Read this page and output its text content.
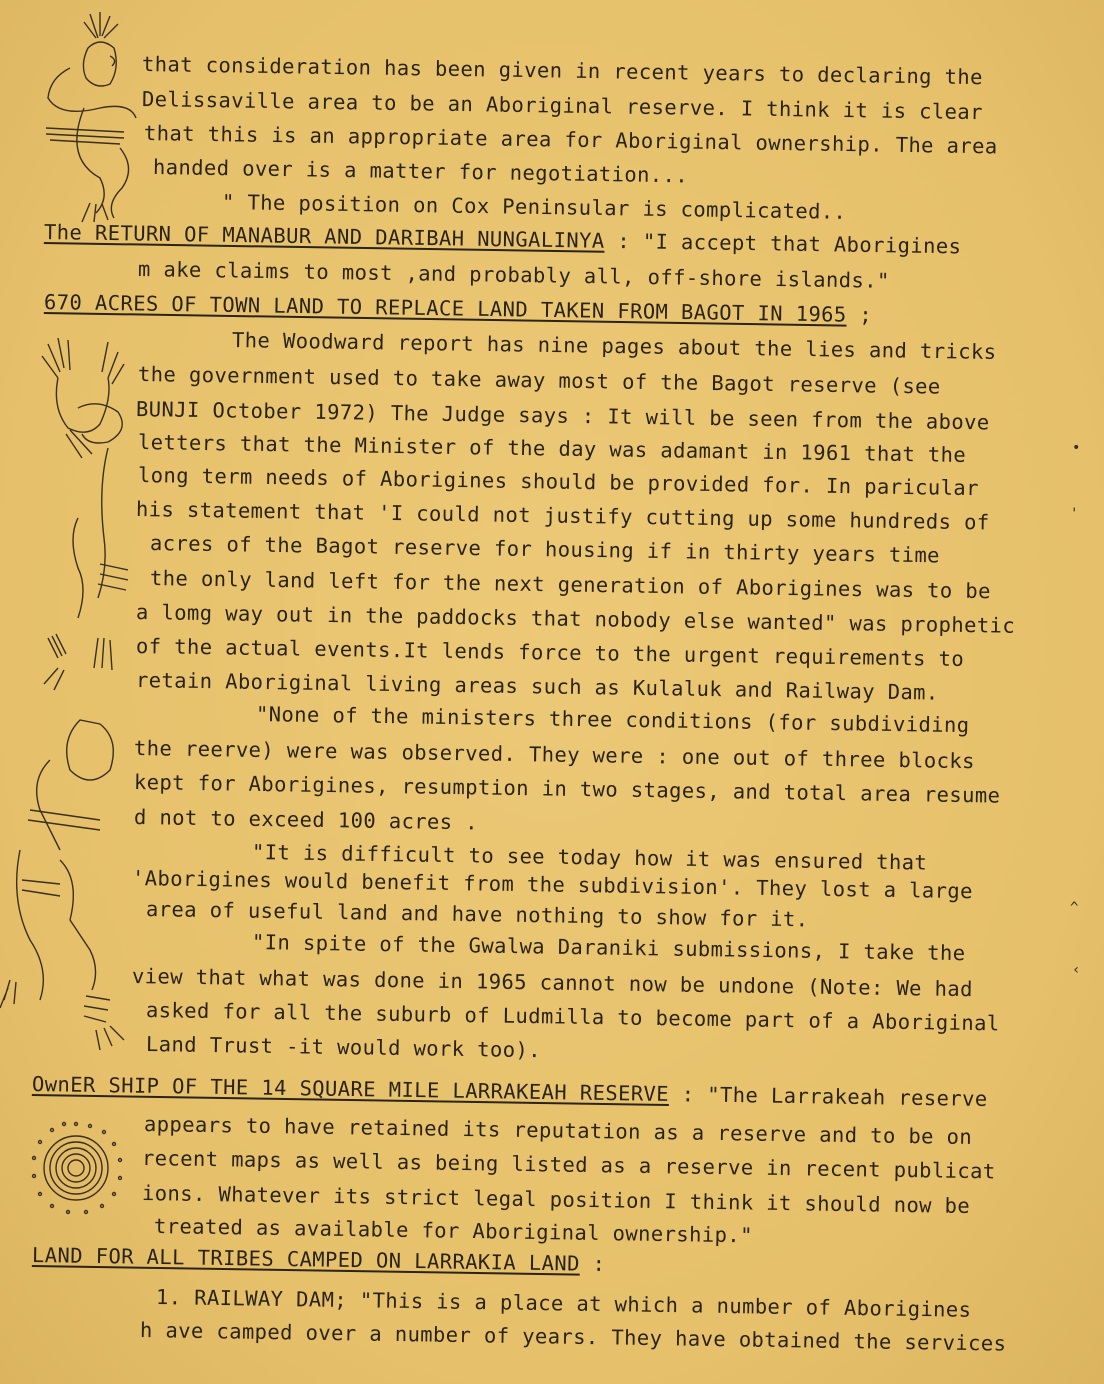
•
'
^
‹
that consideration has been given in recent years to declaring the
Delissaville area to be an Aboriginal reserve. I think it is clear
that this is an appropriate area for Aboriginal ownership. The area
handed over is a matter for negotiation...
" The position on Cox Peninsular is complicated..
The RETURN OF MANABUR AND DARIBAH NUNGALINYA : "I accept that Aborigines
m ake claims to most ,and probably all, off-shore islands."
670 ACRES OF TOWN LAND TO REPLACE LAND TAKEN FROM BAGOT IN 1965 ;
The Woodward report has nine pages about the lies and tricks
the government used to take away most of the Bagot reserve (see
BUNJI October 1972) The Judge says : It will be seen from the above
letters that the Minister of the day was adamant in 1961 that the
long term needs of Aborigines should be provided for. In paricular
his statement that 'I could not justify cutting up some hundreds of
acres of the Bagot reserve for housing if in thirty years time
the only land left for the next generation of Aborigines was to be
a lomg way out in the paddocks that nobody else wanted" was prophetic
of the actual events.It lends force to the urgent requirements to
retain Aboriginal living areas such as Kulaluk and Railway Dam.
"None of the ministers three conditions (for subdividing
the reerve) were was observed. They were : one out of three blocks
kept for Aborigines, resumption in two stages, and total area resume
d not to exceed 100 acres .
"It is difficult to see today how it was ensured that
'Aborigines would benefit from the subdivision'. They lost a large
area of useful land and have nothing to show for it.
"In spite of the Gwalwa Daraniki submissions, I take the
view that what was done in 1965 cannot now be undone (Note: We had
asked for all the suburb of Ludmilla to become part of a Aboriginal
Land Trust -it would work too).
OwnER SHIP OF THE 14 SQUARE MILE LARRAKEAH RESERVE : "The Larrakeah reserve
appears to have retained its reputation as a reserve and to be on
recent maps as well as being listed as a reserve in recent publicat
ions. Whatever its strict legal position I think it should now be
treated as available for Aboriginal ownership."
LAND FOR ALL TRIBES CAMPED ON LARRAKIA LAND :
1. RAILWAY DAM; "This is a place at which a number of Aborigines
h ave camped over a number of years. They have obtained the services
